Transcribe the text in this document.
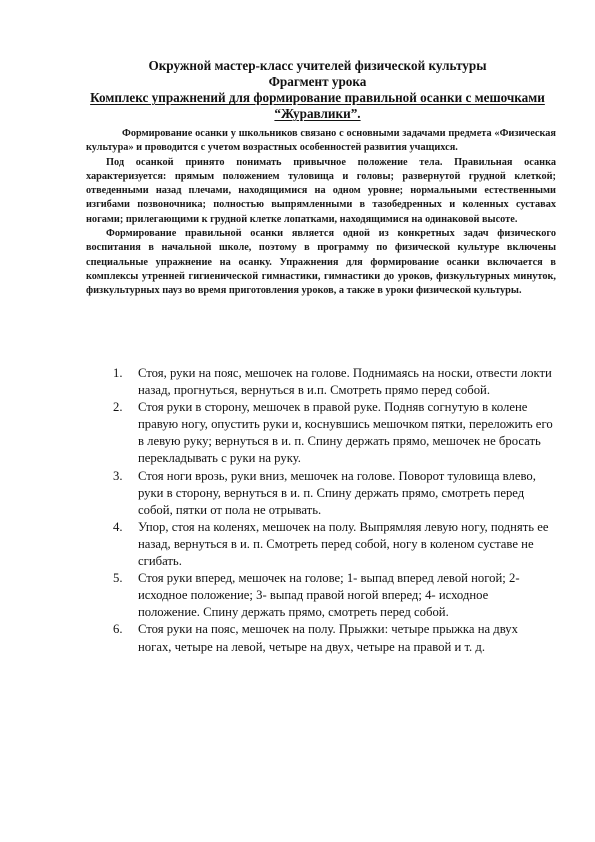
Окружной мастер-класс учителей физической культуры
Фрагмент урока
Комплекс упражнений для формирование правильной осанки с мешочками “Журавлики”.

Формирование осанки у школьников связано с основными задачами предмета «Физическая культура» и проводится с учетом возрастных особенностей развития учащихся.

Под осанкой принято понимать привычное положение тела. Правильная осанка характеризуется: прямым положением туловища и головы; развернутой грудной клеткой; отведенными назад плечами, находящимися на одном уровне; нормальными естественными изгибами позвоночника; полностью выпрямленными в тазобедренных и коленных суставах ногами; прилегающими к грудной клетке лопатками, находящимися на одинаковой высоте.

Формирование правильной осанки является одной из конкретных задач физического воспитания в начальной школе, поэтому в программу по физической культуре включены специальные упражнение на осанку. Упражнения для формирование осанки включается в комплексы утренней гигиенической гимнастики, гимнастики до уроков, физкультурных минуток, физкультурных пауз во время приготовления уроков, а также в уроки физической культуры.

1. Стоя, руки на пояс, мешочек на голове. Поднимаясь на носки, отвести локти назад, прогнуться, вернуться в и.п. Смотреть прямо перед собой.
2. Стоя руки в сторону, мешочек в правой руке. Подняв согнутую в колене правую ногу, опустить руки и, коснувшись мешочком пятки, переложить его в левую руку; вернуться в и. п. Спину держать прямо, мешочек не бросать перекладывать с руки на руку.
3. Стоя ноги врозь, руки вниз, мешочек на голове. Поворот туловища влево, руки в сторону, вернуться в и. п. Спину держать прямо, смотреть перед собой, пятки от пола не отрывать.
4. Упор, стоя на коленях, мешочек на полу. Выпрямляя левую ногу, поднять ее назад, вернуться в и. п. Смотреть перед собой, ногу в коленом суставе не сгибать.
5. Стоя руки вперед, мешочек на голове; 1- выпад вперед левой ногой; 2-исходное положение; 3- выпад правой ногой вперед; 4- исходное положение. Спину держать прямо, смотреть перед собой.
6. Стоя руки на пояс, мешочек на полу. Прыжки: четыре прыжка на двух ногах, четыре на левой, четыре на двух, четыре на правой и т. д.
